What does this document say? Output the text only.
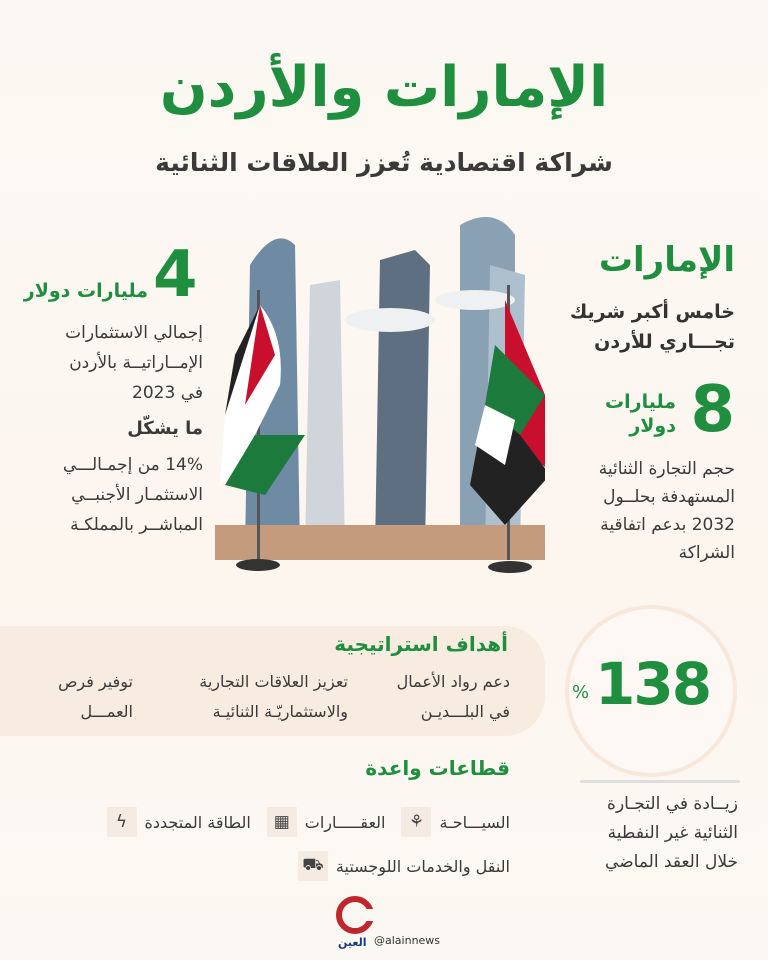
الإمارات والأردن
شراكة اقتصادية تُعزز العلاقات الثنائية
الإمارات
خامس أكبر شريك
تجـــاري للأردن
8
مليارات
دولار
حجم التجارة الثنائية
المستهدفة بحلــول
2032 بدعم اتفاقية
الشراكة
4
مليارات دولار
إجمالي الاستثمارات
الإمــاراتيــة بالأردن
في 2023
ما يشكّل
14% من إجمـالـــي
الاستثمـار الأجنبــي
المباشــر بالمملكـة
أهداف استراتيجية
دعم رواد الأعمال
في البلـــديـن
تعزيز العلاقات التجارية
والاستثماريّـة الثنائيـة
توفير فرص
العمـــل	138
%
زيــادة في التجـارة
الثنائية غير النفطية
خلال العقد الماضي
قطاعات واعدة
السيـــاحـة
⚘
العقـــــارات
▦
الطاقة المتجددة
ϟ
النقل والخدمات اللوجستية
⛟
العين @alainnews
